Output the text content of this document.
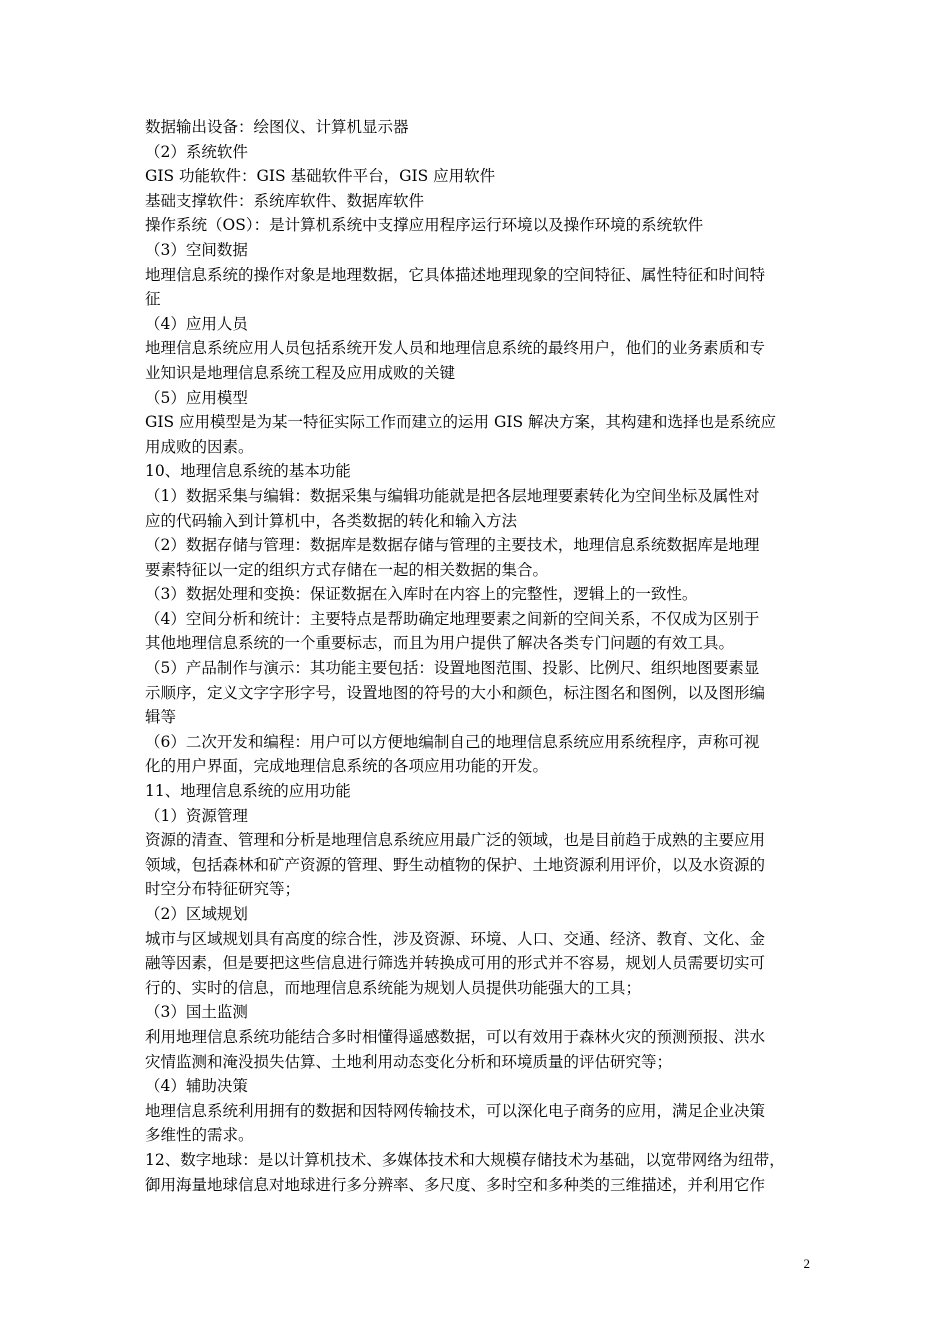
数据输出设备：绘图仪、计算机显示器
（2）系统软件
GIS 功能软件：GIS 基础软件平台，GIS 应用软件
基础支撑软件：系统库软件、数据库软件
操作系统（OS）：是计算机系统中支撑应用程序运行环境以及操作环境的系统软件
（3）空间数据
地理信息系统的操作对象是地理数据，它具体描述地理现象的空间特征、属性特征和时间特
征
（4）应用人员
地理信息系统应用人员包括系统开发人员和地理信息系统的最终用户，他们的业务素质和专
业知识是地理信息系统工程及应用成败的关键
（5）应用模型
GIS 应用模型是为某一特征实际工作而建立的运用 GIS 解决方案，其构建和选择也是系统应
用成败的因素。
10、地理信息系统的基本功能
（1）数据采集与编辑：数据采集与编辑功能就是把各层地理要素转化为空间坐标及属性对
应的代码输入到计算机中，各类数据的转化和输入方法
（2）数据存储与管理：数据库是数据存储与管理的主要技术，地理信息系统数据库是地理
要素特征以一定的组织方式存储在一起的相关数据的集合。
（3）数据处理和变换：保证数据在入库时在内容上的完整性，逻辑上的一致性。
（4）空间分析和统计：主要特点是帮助确定地理要素之间新的空间关系，不仅成为区别于
其他地理信息系统的一个重要标志，而且为用户提供了解决各类专门问题的有效工具。
（5）产品制作与演示：其功能主要包括：设置地图范围、投影、比例尺、组织地图要素显
示顺序，定义文字字形字号，设置地图的符号的大小和颜色，标注图名和图例，以及图形编
辑等
（6）二次开发和编程：用户可以方便地编制自己的地理信息系统应用系统程序，声称可视
化的用户界面，完成地理信息系统的各项应用功能的开发。
11、地理信息系统的应用功能
（1）资源管理
资源的清查、管理和分析是地理信息系统应用最广泛的领域，也是目前趋于成熟的主要应用
领域，包括森林和矿产资源的管理、野生动植物的保护、土地资源利用评价，以及水资源的
时空分布特征研究等；
（2）区域规划
城市与区域规划具有高度的综合性，涉及资源、环境、人口、交通、经济、教育、文化、金
融等因素，但是要把这些信息进行筛选并转换成可用的形式并不容易，规划人员需要切实可
行的、实时的信息，而地理信息系统能为规划人员提供功能强大的工具；
（3）国土监测
利用地理信息系统功能结合多时相懂得遥感数据，可以有效用于森林火灾的预测预报、洪水
灾情监测和淹没损失估算、土地利用动态变化分析和环境质量的评估研究等；
（4）辅助决策
地理信息系统利用拥有的数据和因特网传输技术，可以深化电子商务的应用，满足企业决策
多维性的需求。
12、数字地球：是以计算机技术、多媒体技术和大规模存储技术为基础，以宽带网络为纽带，
御用海量地球信息对地球进行多分辨率、多尺度、多时空和多种类的三维描述，并利用它作
2
